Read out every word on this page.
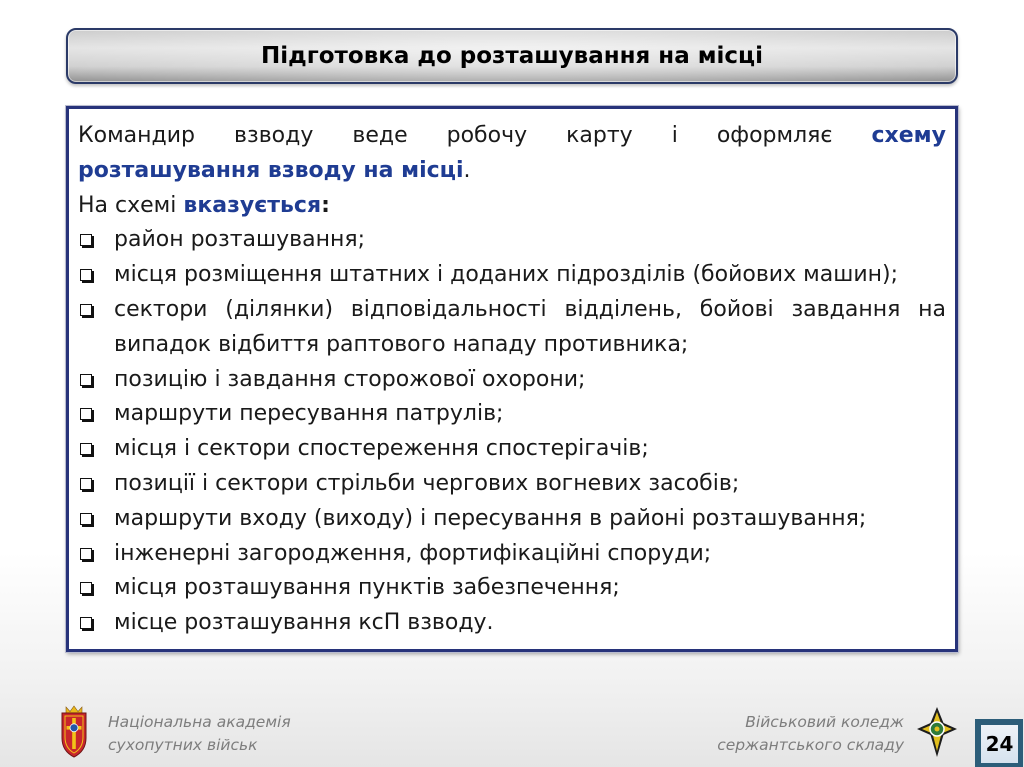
Підготовка до розташування на місці
Командир взводу веде робочу карту і оформляє схему
розташування взводу на місці.
На схемі вказується:
район розташування;
місця розміщення штатних і доданих підрозділів (бойових машин);
сектори (ділянки) відповідальності відділень, бойові завдання на
випадок відбиття раптового нападу противника;
позицію і завдання сторожової охорони;
маршрути пересування патрулів;
місця і сектори спостереження спостерігачів;
позиції і сектори стрільби чергових вогневих засобів;
маршрути входу (виходу) і пересування в районі розташування;
інженерні загородження, фортифікаційні споруди;
місця розташування пунктів забезпечення;
місце розташування ксП взводу.
Національна академія
сухопутних військ
Військовий коледж
сержантського складу	24
